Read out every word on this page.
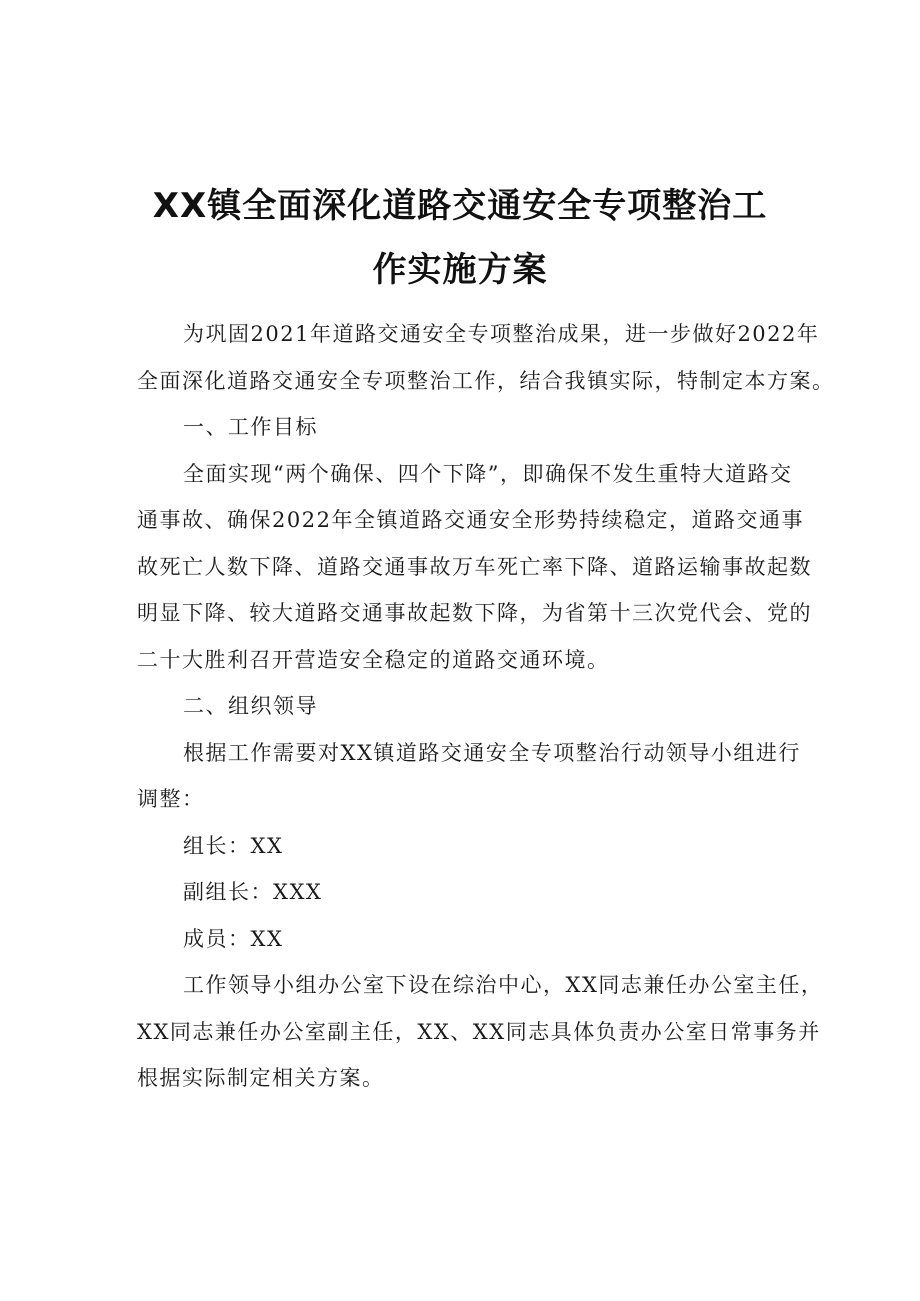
XX镇全面深化道路交通安全专项整治工
作实施方案
为巩固2021年道路交通安全专项整治成果，进一步做好2022年
全面深化道路交通安全专项整治工作，结合我镇实际，特制定本方案。
一、工作目标
全面实现“两个确保、四个下降”，即确保不发生重特大道路交
通事故、确保2022年全镇道路交通安全形势持续稳定，道路交通事
故死亡人数下降、道路交通事故万车死亡率下降、道路运输事故起数
明显下降、较大道路交通事故起数下降，为省第十三次党代会、党的
二十大胜利召开营造安全稳定的道路交通环境。
二、组织领导
根据工作需要对XX镇道路交通安全专项整治行动领导小组进行
调整：
组长：XX
副组长：XXX
成员：XX
工作领导小组办公室下设在综治中心，XX同志兼任办公室主任，
XX同志兼任办公室副主任，XX、XX同志具体负责办公室日常事务并
根据实际制定相关方案。
